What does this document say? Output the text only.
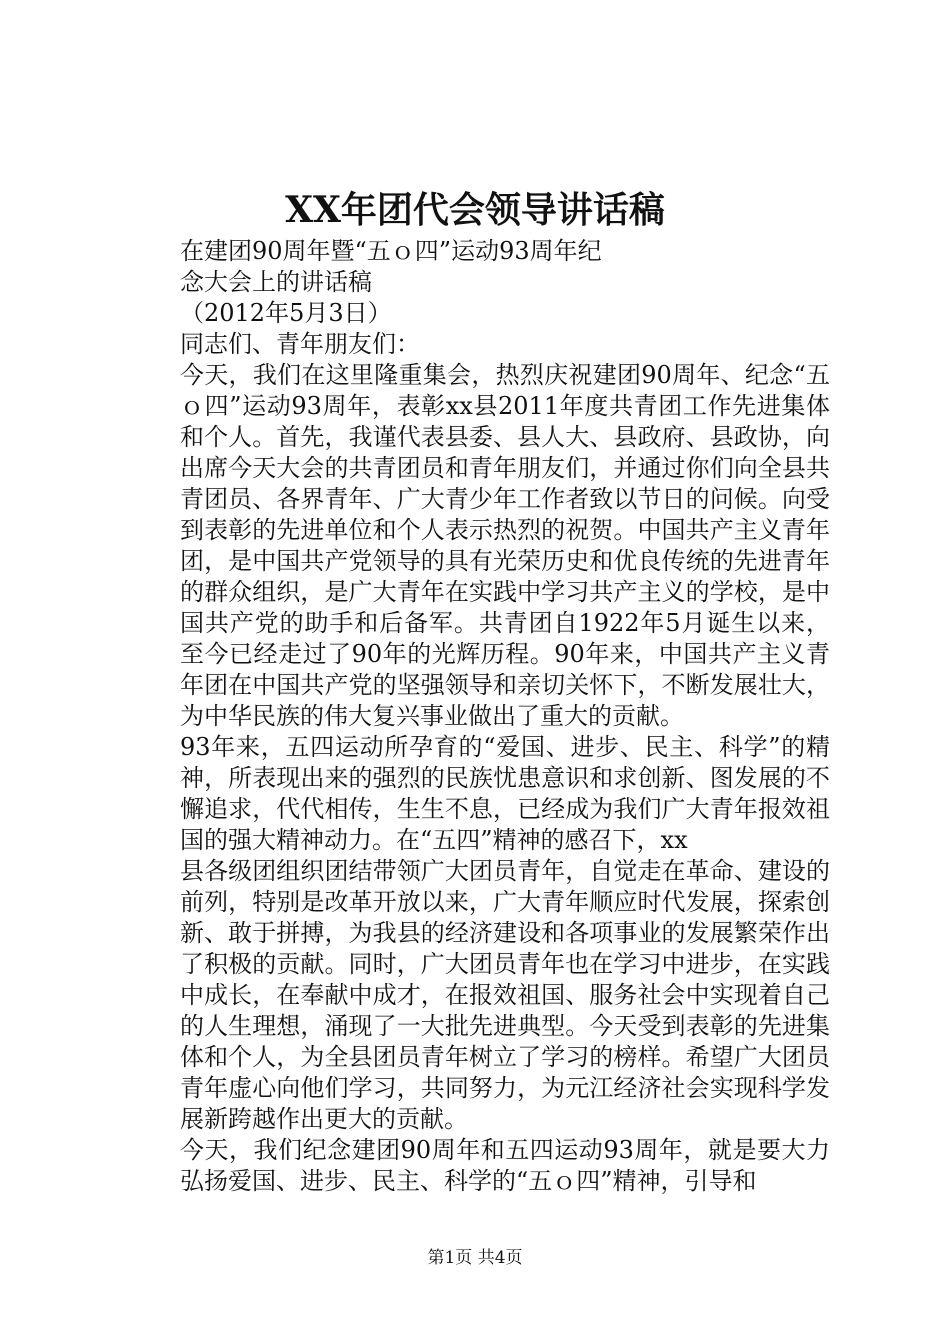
XX年团代会领导讲话稿

在建团90周年暨“五ｏ四”运动93周年纪

念大会上的讲话稿

（2012年5月3日）

同志们、青年朋友们：

今天，我们在这里隆重集会，热烈庆祝建团90周年、纪念“五ｏ四”运动93周年，表彰xx县2011年度共青团工作先进集体和个人。首先，我谨代表县委、县人大、县政府、县政协，向出席今天大会的共青团员和青年朋友们，并通过你们向全县共青团员、各界青年、广大青少年工作者致以节日的问候。向受到表彰的先进单位和个人表示热烈的祝贺。中国共产主义青年团，是中国共产党领导的具有光荣历史和优良传统的先进青年的群众组织，是广大青年在实践中学习共产主义的学校，是中国共产党的助手和后备军。共青团自1922年5月诞生以来，至今已经走过了90年的光辉历程。90年来，中国共产主义青年团在中国共产党的坚强领导和亲切关怀下，不断发展壮大，为中华民族的伟大复兴事业做出了重大的贡献。

93年来，五四运动所孕育的“爱国、进步、民主、科学”的精神，所表现出来的强烈的民族忧患意识和求创新、图发展的不懈追求，代代相传，生生不息，已经成为我们广大青年报效祖国的强大精神动力。在“五四”精神的感召下，xx

县各级团组织团结带领广大团员青年，自觉走在革命、建设的前列，特别是改革开放以来，广大青年顺应时代发展，探索创新、敢于拼搏，为我县的经济建设和各项事业的发展繁荣作出了积极的贡献。同时，广大团员青年也在学习中进步，在实践中成长，在奉献中成才，在报效祖国、服务社会中实现着自己的人生理想，涌现了一大批先进典型。今天受到表彰的先进集体和个人，为全县团员青年树立了学习的榜样。希望广大团员青年虚心向他们学习，共同努力，为元江经济社会实现科学发展新跨越作出更大的贡献。

今天，我们纪念建团90周年和五四运动93周年，就是要大力弘扬爱国、进步、民主、科学的“五ｏ四”精神，引导和

第1页 共4页
